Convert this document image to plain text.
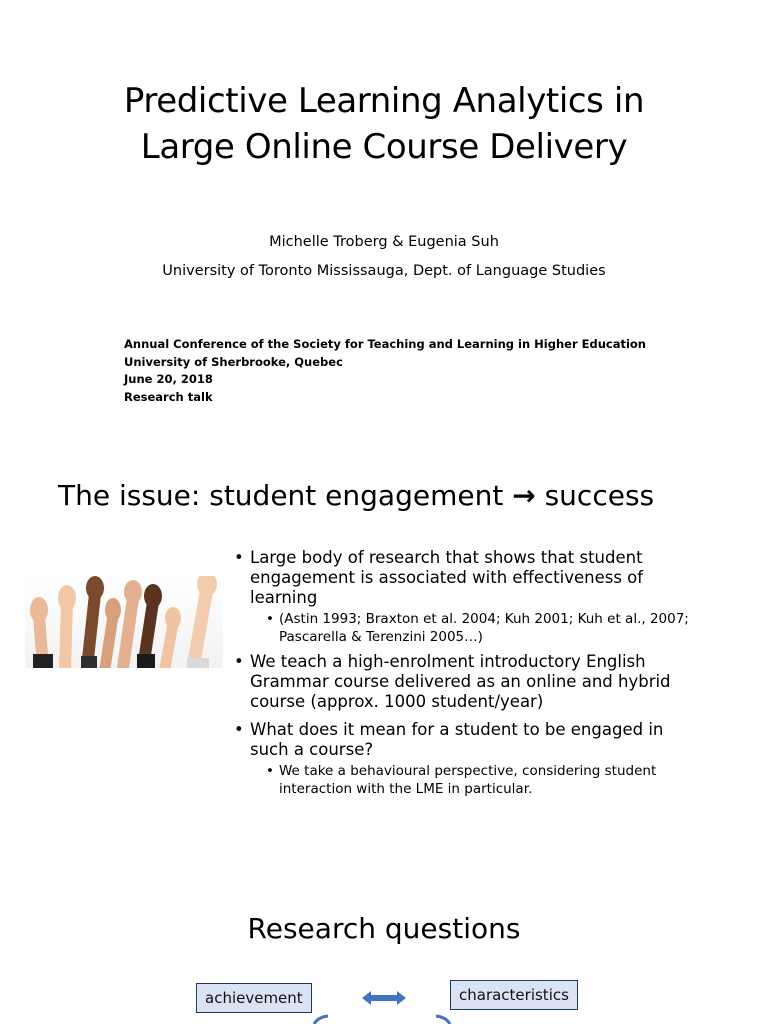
Predictive Learning Analytics in
Large Online Course Delivery
Michelle Troberg & Eugenia Suh
University of Toronto Mississauga, Dept. of Language Studies
Annual Conference of the Society for Teaching and Learning in Higher Education
University of Sherbrooke, Quebec
June 20, 2018
Research talk
The issue: student engagement → success
• Large body of research that shows that student
engagement is associated with effectiveness of
learning
• (Astin 1993; Braxton et al. 2004; Kuh 2001; Kuh et al., 2007;
Pascarella & Terenzini 2005…)
• We teach a high-enrolment introductory English
Grammar course delivered as an online and hybrid
course (approx. 1000 student/year)
• What does it mean for a student to be engaged in
such a course?
• We take a behavioural perspective, considering student
interaction with the LME in particular.
Research questions
achievement	characteristics
